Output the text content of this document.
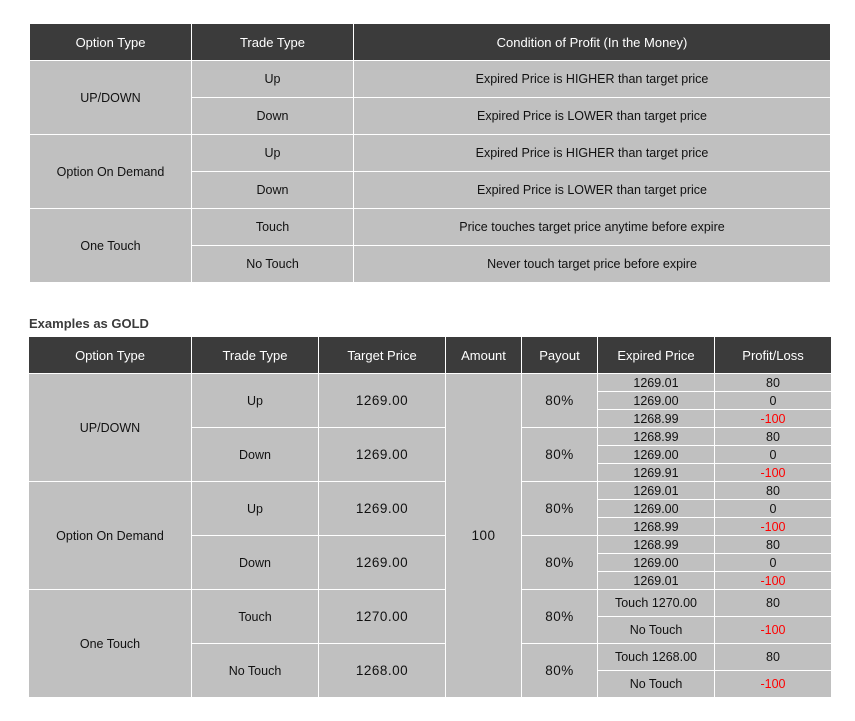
Option Type	Trade Type	Condition of Profit (In the Money)
UP/DOWN	Up	Expired Price is HIGHER than target price
	Down	Expired Price is LOWER than target price
Option On Demand	Up	Expired Price is HIGHER than target price
	Down	Expired Price is LOWER than target price
One Touch	Touch	Price touches target price anytime before expire
	No Touch	Never touch target price before expire
Examples as GOLD
Option Type	Trade Type	Target Price	Amount	Payout	Expired Price	Profit/Loss
UP/DOWN	Up	1269.00	100	80%	1269.01	80
					1269.00	0
					1268.99	-100
	Down	1269.00		80%	1268.99	80
					1269.00	0
					1269.91	-100
Option On Demand	Up	1269.00		80%	1269.01	80
					1269.00	0
					1268.99	-100
	Down	1269.00		80%	1268.99	80
					1269.00	0
					1269.01	-100
One Touch	Touch	1270.00		80%	Touch 1270.00	80
					No Touch	-100
	No Touch	1268.00		80%	Touch 1268.00	80
					No Touch	-100
